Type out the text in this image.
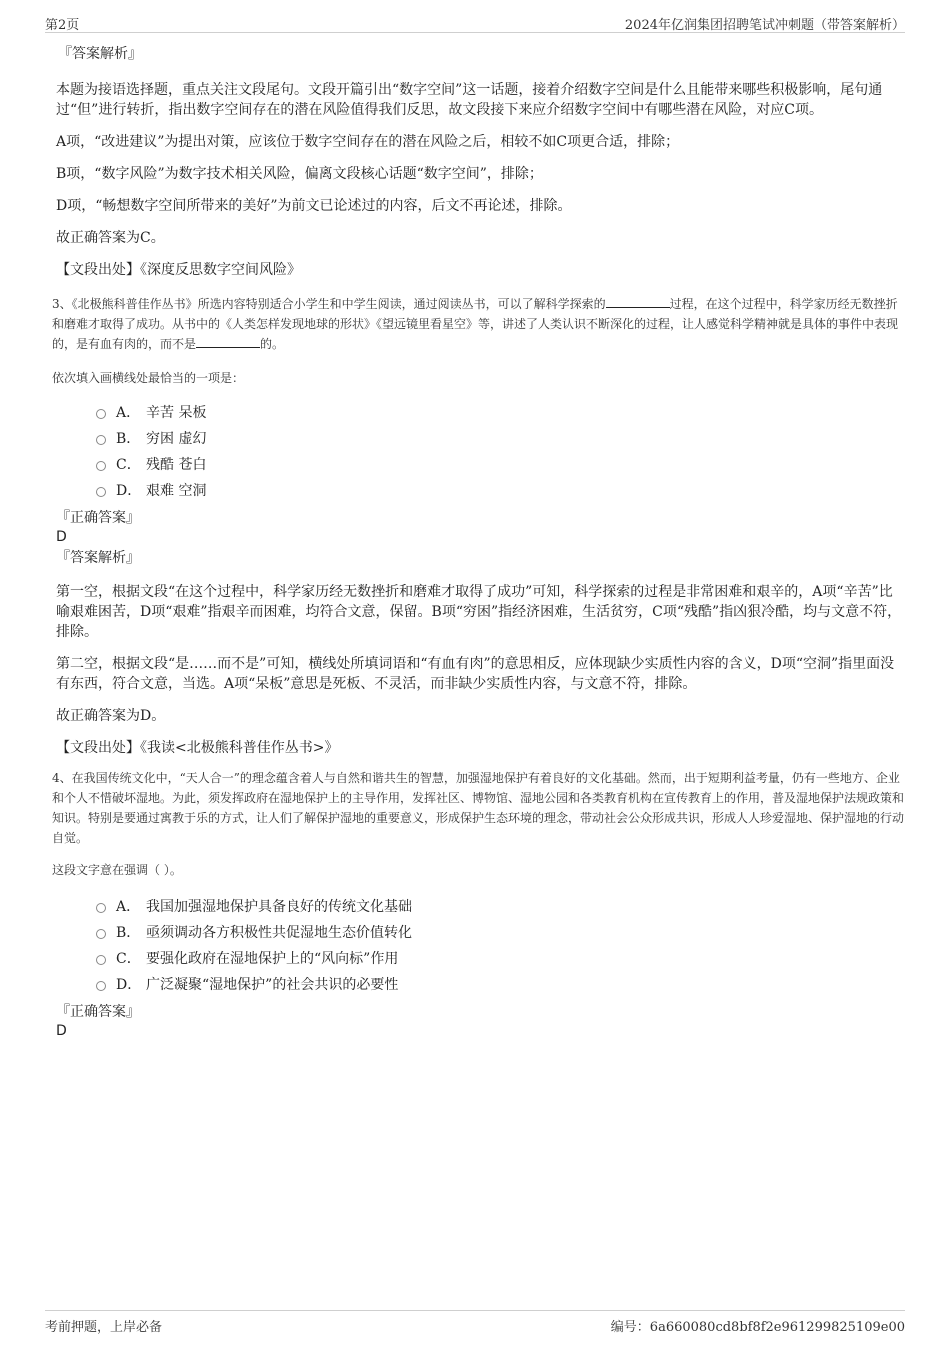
第2页	2024年亿润集团招聘笔试冲刺题（带答案解析）

『答案解析』

本题为接语选择题，重点关注文段尾句。文段开篇引出“数字空间”这一话题，接着介绍数字空间是什么且能带来哪些积极影响，尾句通过“但”进行转折，指出数字空间存在的潜在风险值得我们反思，故文段接下来应介绍数字空间中有哪些潜在风险，对应C项。

A项，“改进建议”为提出对策，应该位于数字空间存在的潜在风险之后，相较不如C项更合适，排除；

B项，“数字风险”为数字技术相关风险，偏离文段核心话题“数字空间”，排除；

D项，“畅想数字空间所带来的美好”为前文已论述过的内容，后文不再论述，排除。

故正确答案为C。

【文段出处】《深度反思数字空间风险》

3、《北极熊科普佳作丛书》所选内容特别适合小学生和中学生阅读，通过阅读丛书，可以了解科学探索的	过程，在这个过程中，科学家历经无数挫折和磨难才取得了成功。从书中的《人类怎样发现地球的形状》《望远镜里看星空》等，讲述了人类认识不断深化的过程，让人感觉科学精神就是具体的事件中表现的，是有血有肉的，而不是	的。

依次填入画横线处最恰当的一项是：

A． 辛苦 呆板
B． 穷困 虚幻
C． 残酷 苍白
D． 艰难 空洞

『正确答案』

D

『答案解析』

第一空，根据文段“在这个过程中，科学家历经无数挫折和磨难才取得了成功”可知，科学探索的过程是非常困难和艰辛的，A项“辛苦”比喻艰难困苦，D项“艰难”指艰辛而困难，均符合文意，保留。B项“穷困”指经济困难，生活贫穷，C项“残酷”指凶狠冷酷，均与文意不符，排除。

第二空，根据文段“是……而不是”可知，横线处所填词语和“有血有肉”的意思相反，应体现缺少实质性内容的含义，D项“空洞”指里面没有东西，符合文意，当选。A项“呆板”意思是死板、不灵活，而非缺少实质性内容，与文意不符，排除。

故正确答案为D。

【文段出处】《我读<北极熊科普佳作丛书>》

4、在我国传统文化中，“天人合一”的理念蕴含着人与自然和谐共生的智慧，加强湿地保护有着良好的文化基础。然而，出于短期利益考量，仍有一些地方、企业和个人不惜破坏湿地。为此，须发挥政府在湿地保护上的主导作用，发挥社区、博物馆、湿地公园和各类教育机构在宣传教育上的作用，普及湿地保护法规政策和知识。特别是要通过寓教于乐的方式，让人们了解保护湿地的重要意义，形成保护生态环境的理念，带动社会公众形成共识，形成人人珍爱湿地、保护湿地的行动自觉。

这段文字意在强调（ ）。

A． 我国加强湿地保护具备良好的传统文化基础
B． 亟须调动各方积极性共促湿地生态价值转化
C． 要强化政府在湿地保护上的“风向标”作用
D． 广泛凝聚“湿地保护”的社会共识的必要性

『正确答案』

D

考前押题，上岸必备	编号：6a660080cd8bf8f2e961299825109e00
